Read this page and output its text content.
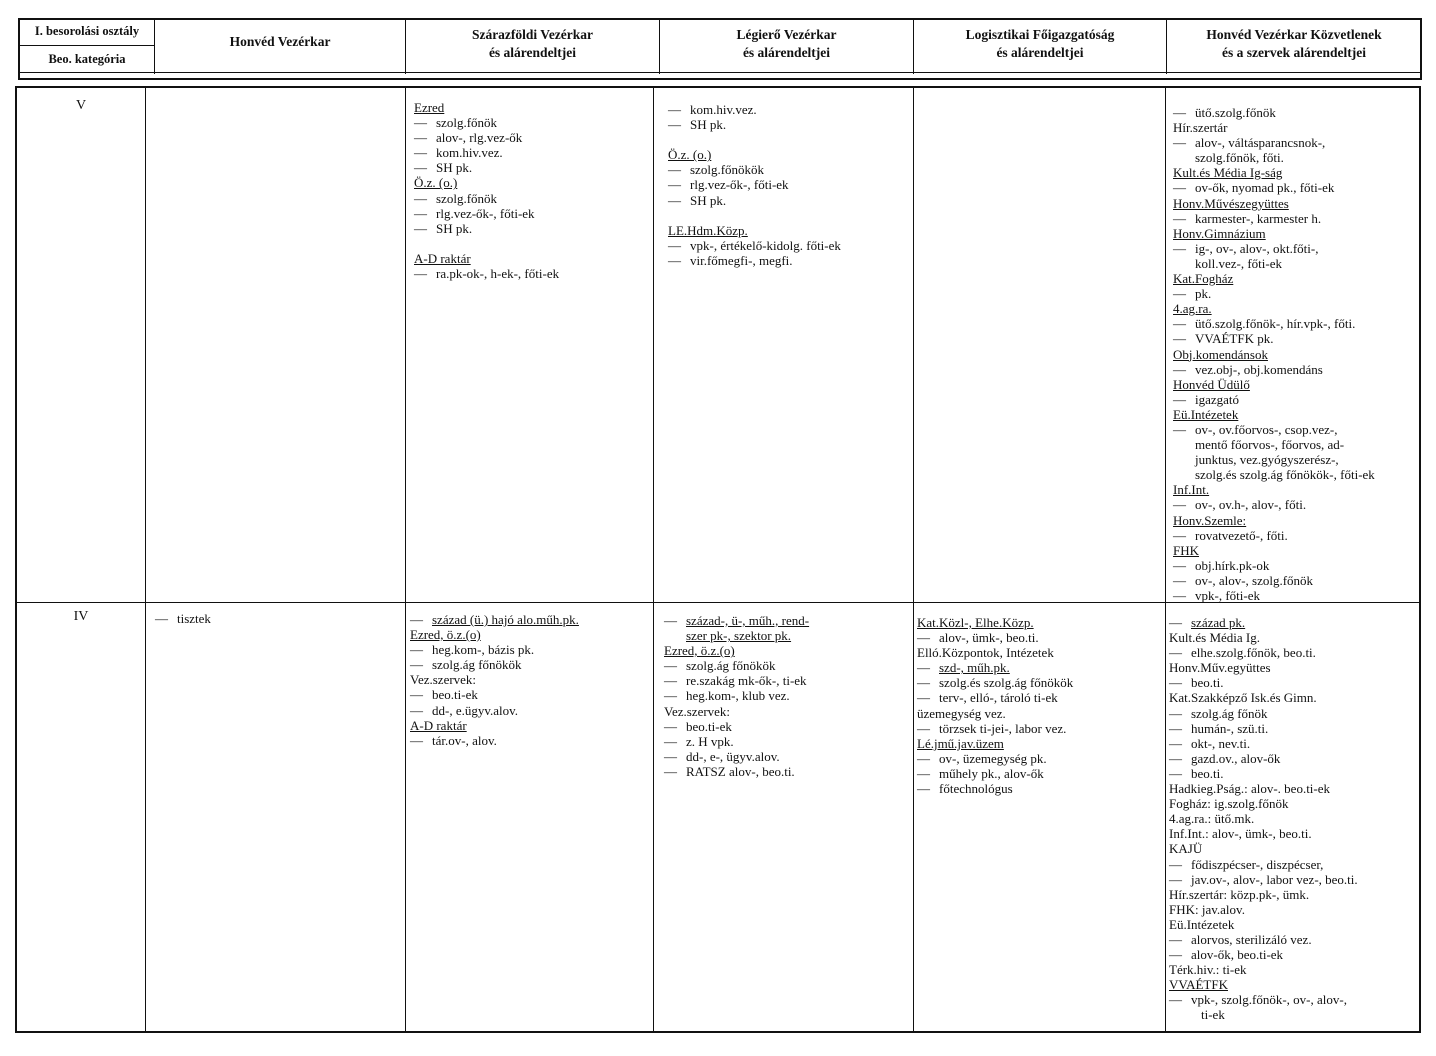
I. besorolási osztály
Beo. kategória
Honvéd Vezérkar	Szárazföldi Vezérkar
és alárendeltjei
Légierő Vezérkar
és alárendeltjei
Logisztikai Főigazgatóság
és alárendeltjei
Honvéd Vezérkar Közvetlenek
és a szervek alárendeltjei
V
IV
Ezred
— szolg.főnök
— alov-, rlg.vez-ők
— kom.hiv.vez.
— SH pk.
Ö.z. (o.)
— szolg.főnök
— rlg.vez-ők-, főti-ek
— SH pk.
A-D raktár
— ra.pk-ok-, h-ek-, főti-ek
— kom.hiv.vez.
— SH pk.
Ö.z. (o.)
— szolg.főnökök
— rlg.vez-ők-, főti-ek
— SH pk.
LE.Hdm.Közp.
— vpk-, értékelő-kidolg. főti-ek
— vir.főmegfi-, megfi.
— ütő.szolg.főnök
Hír.szertár
— alov-, váltásparancsnok-,
szolg.főnök, főti.
Kult.és Média Ig-ság
— ov-ők, nyomad pk., főti-ek
Honv.Művészegyüttes
— karmester-, karmester h.
Honv.Gimnázium
— ig-, ov-, alov-, okt.főti-,
koll.vez-, főti-ek
Kat.Fogház
— pk.
4.ag.ra.
— ütő.szolg.főnök-, hír.vpk-, főti.
— VVAÉTFK pk.
Obj.komendánsok
— vez.obj-, obj.komendáns
Honvéd Üdülő
— igazgató
Eü.Intézetek
— ov-, ov.főorvos-, csop.vez-,
mentő főorvos-, főorvos, ad-
junktus, vez.gyógyszerész-,
szolg.és szolg.ág főnökök-, főti-ek
Inf.Int.
— ov-, ov.h-, alov-, főti.
Honv.Szemle:
— rovatvezető-, főti.
FHK
— obj.hírk.pk-ok
— ov-, alov-, szolg.főnök
— vpk-, főti-ek
— tisztek
—	század (ü.) hajó alo.műh.pk.
Ezred, ö.z.(o)
— heg.kom-, bázis pk.
— szolg.ág főnökök
Vez.szervek:
— beo.ti-ek
— dd-, e.ügyv.alov.
A-D raktár
— tár.ov-, alov.
— század-, ü-, műh., rend-
szer pk-, szektor pk.
Ezred, ö.z.(o)
— szolg.ág főnökök
— re.szakág mk-ők-, ti-ek
— heg.kom-, klub vez.
Vez.szervek:
— beo.ti-ek
— z. H vpk.
— dd-, e-, ügyv.alov.
— RATSZ alov-, beo.ti.
Kat.Közl-, Elhe.Közp.
— alov-, ümk-, beo.ti.
Elló.Központok, Intézetek
— szd-, műh.pk.
— szolg.és szolg.ág főnökök
— terv-, elló-, tároló ti-ek
üzemegység vez.
— törzsek ti-jei-, labor vez.
Lé.jmű.jav.üzem
— ov-, üzemegység pk.
— műhely pk., alov-ők
— főtechnológus
— század pk.
Kult.és Média Ig.
— elhe.szolg.főnök, beo.ti.
Honv.Műv.együttes
— beo.ti.
Kat.Szakképző Isk.és Gimn.
— szolg.ág főnök
— humán-, szü.ti.
— okt-, nev.ti.
— gazd.ov., alov-ők
— beo.ti.
Hadkieg.Pság.: alov-. beo.ti-ek
Fogház: ig.szolg.főnök
4.ag.ra.: ütő.mk.
Inf.Int.: alov-, ümk-, beo.ti.
KAJÜ
— fődiszpécser-, diszpécser,
— jav.ov-, alov-, labor vez-, beo.ti.
Hír.szertár: közp.pk-, ümk.
FHK: jav.alov.
Eü.Intézetek
— alorvos, sterilizáló vez.
— alov-ők, beo.ti-ek
Térk.hiv.: ti-ek
VVAÉTFK
— vpk-, szolg.főnök-, ov-, alov-,
ti-ek
